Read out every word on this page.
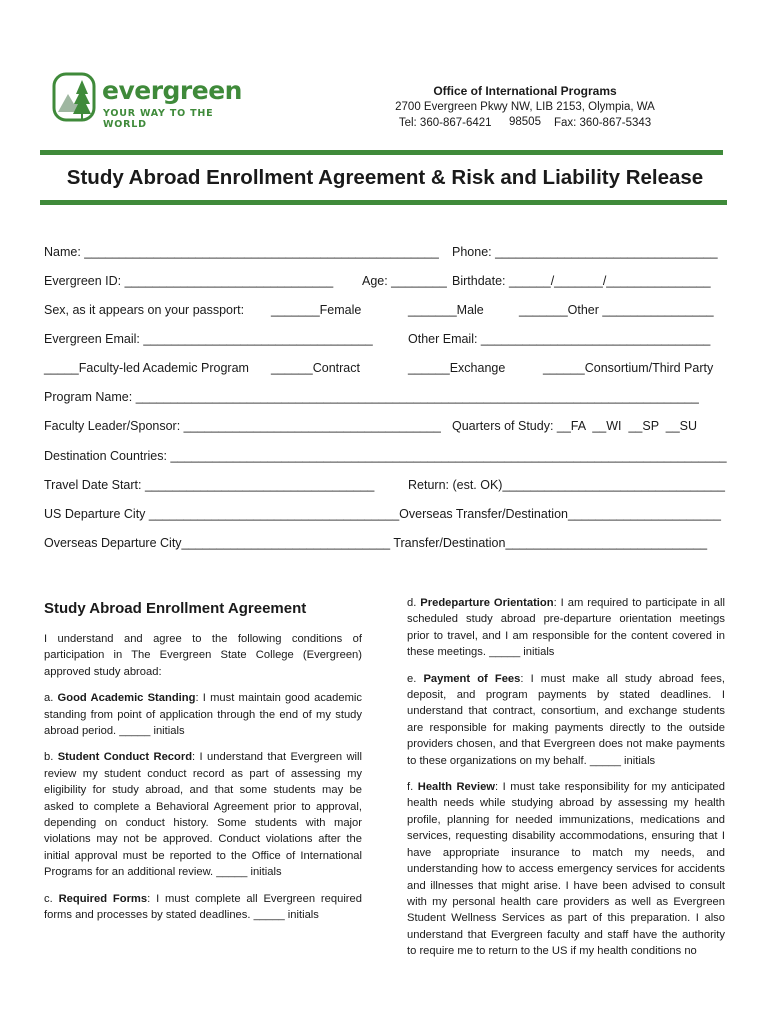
evergreen
YOUR WAY TO THE WORLD
Office of International Programs
2700 Evergreen Pkwy NW, LIB 2153, Olympia, WA 98505
Tel: 360-867-6421	Fax: 360-867-5343
Study Abroad Enrollment Agreement & Risk and Liability Release
Name: ___________________________________________________ Phone: ________________________________
Evergreen ID: ______________________________ Age: ________ Birthdate: ______/_______/_______________
Sex, as it appears on your passport: _______Female	_______Male	_______Other ________________
Evergreen Email: _________________________________	Other Email: _________________________________
_____Faculty-led Academic Program ______Contract	______Exchange	______Consortium/Third Party
Program Name: _________________________________________________________________________________
Faculty Leader/Sponsor: _____________________________________ Quarters of Study: __FA  __WI  __SP  __SU
Destination Countries: ________________________________________________________________________________
Travel Date Start: _________________________________	Return: (est. OK)________________________________
US Departure City ____________________________________Overseas Transfer/Destination______________________
Overseas Departure City______________________________ Transfer/Destination_____________________________
Study Abroad Enrollment Agreement

I understand and agree to the following conditions of participation in The Evergreen State College (Evergreen) approved study abroad:

a. Good Academic Standing: I must maintain good academic standing from point of application through the end of my study abroad period. _____ initials

b. Student Conduct Record: I understand that Evergreen will review my student conduct record as part of assessing my eligibility for study abroad, and that some students may be asked to complete a Behavioral Agreement prior to approval, depending on conduct history. Some students with major violations may not be approved. Conduct violations after the initial approval must be reported to the Office of International Programs for an additional review. _____ initials

c. Required Forms: I must complete all Evergreen required forms and processes by stated deadlines. _____ initials

d. Predeparture Orientation: I am required to participate in all scheduled study abroad pre-departure orientation meetings prior to travel, and I am responsible for the content covered in these meetings. _____ initials

e. Payment of Fees: I must make all study abroad fees, deposit, and program payments by stated deadlines. I understand that contract, consortium, and exchange students are responsible for making payments directly to the outside providers chosen, and that Evergreen does not make payments to these organizations on my behalf. _____ initials

f. Health Review: I must take responsibility for my anticipated health needs while studying abroad by assessing my health profile, planning for needed immunizations, medications and services, requesting disability accommodations, ensuring that I have appropriate insurance to match my needs, and understanding how to access emergency services for accidents and illnesses that might arise. I have been advised to consult with my personal health care providers as well as Evergreen Student Wellness Services as part of this preparation. I also understand that Evergreen faculty and staff have the authority to require me to return to the US if my health conditions no
